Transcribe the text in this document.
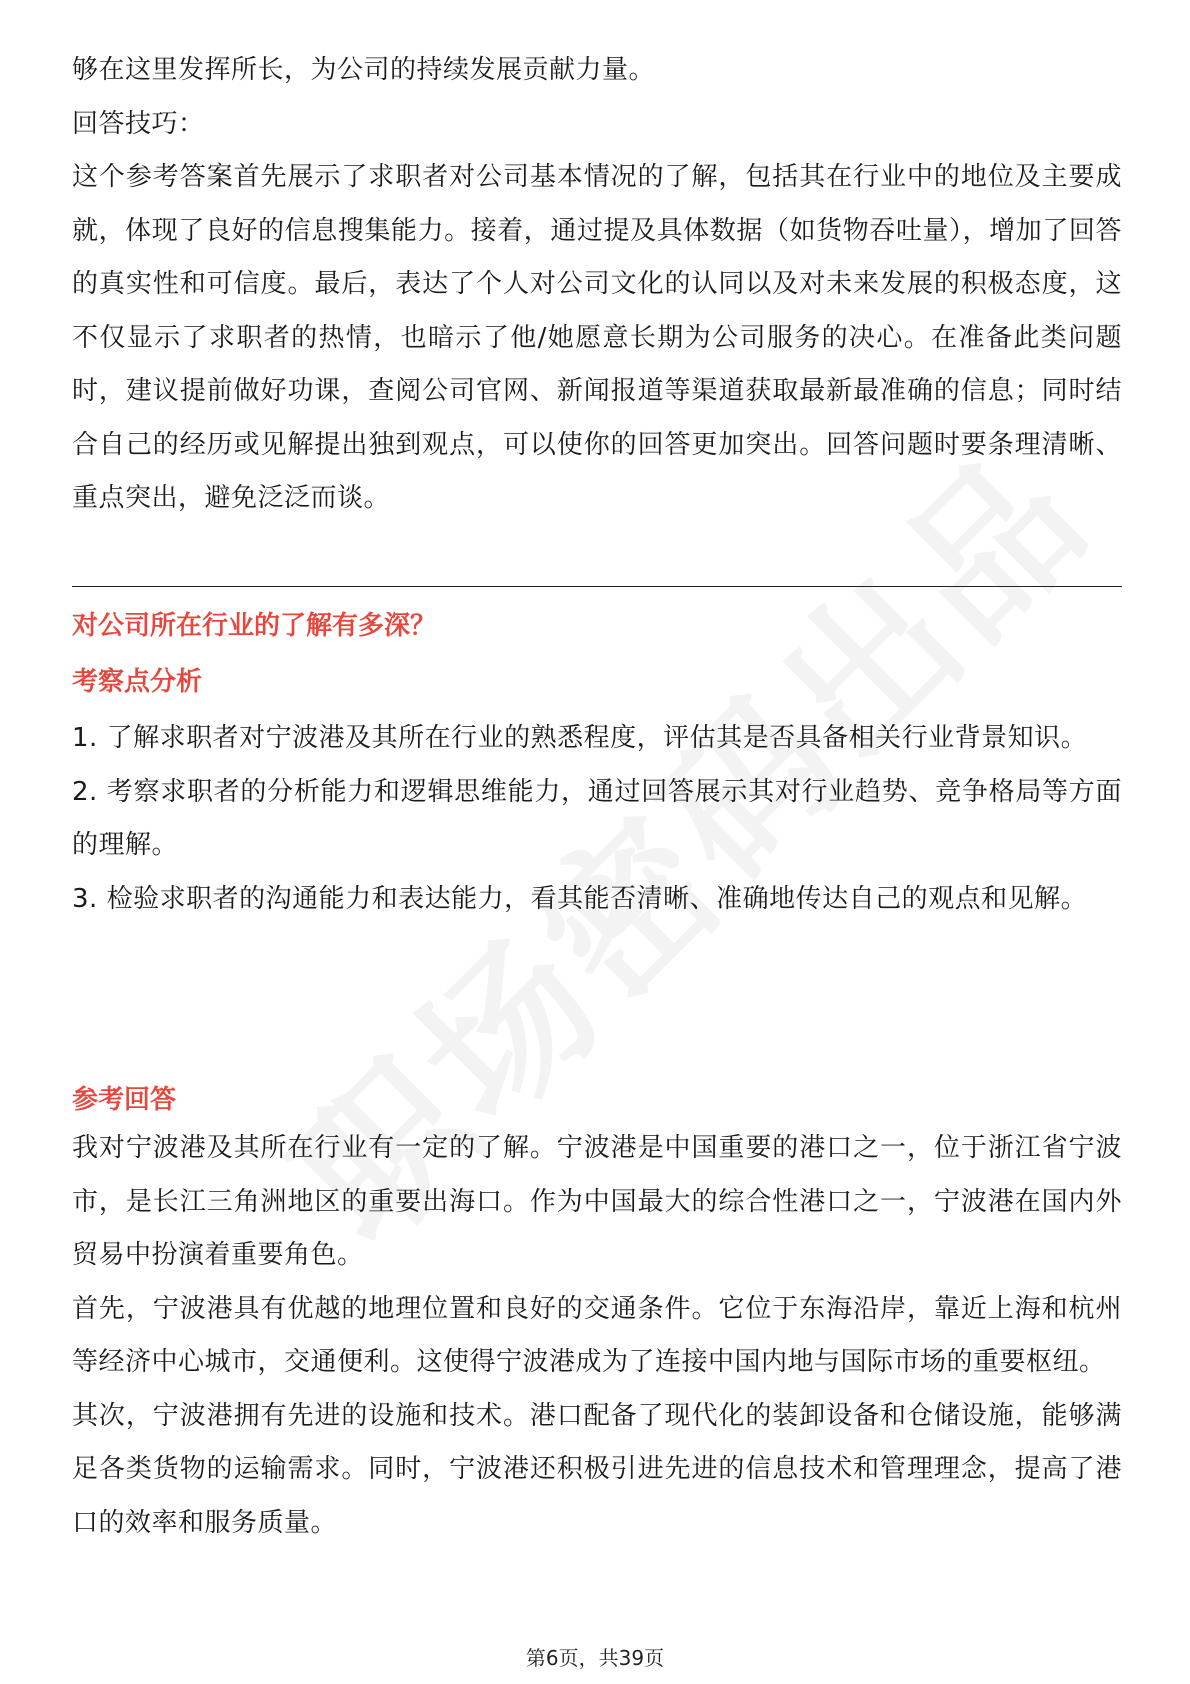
够在这里发挥所长，为公司的持续发展贡献力量。

回答技巧：

这个参考答案首先展示了求职者对公司基本情况的了解，包括其在行业中的地位及主要成就，体现了良好的信息搜集能力。接着，通过提及具体数据（如货物吞吐量），增加了回答的真实性和可信度。最后，表达了个人对公司文化的认同以及对未来发展的积极态度，这不仅显示了求职者的热情，也暗示了他/她愿意长期为公司服务的决心。在准备此类问题时，建议提前做好功课，查阅公司官网、新闻报道等渠道获取最新最准确的信息；同时结合自己的经历或见解提出独到观点，可以使你的回答更加突出。回答问题时要条理清晰、重点突出，避免泛泛而谈。

对公司所在行业的了解有多深？

考察点分析

1. 了解求职者对宁波港及其所在行业的熟悉程度，评估其是否具备相关行业背景知识。

2. 考察求职者的分析能力和逻辑思维能力，通过回答展示其对行业趋势、竞争格局等方面的理解。

3. 检验求职者的沟通能力和表达能力，看其能否清晰、准确地传达自己的观点和见解。

参考回答

我对宁波港及其所在行业有一定的了解。宁波港是中国重要的港口之一，位于浙江省宁波市，是长江三角洲地区的重要出海口。作为中国最大的综合性港口之一，宁波港在国内外贸易中扮演着重要角色。

首先，宁波港具有优越的地理位置和良好的交通条件。它位于东海沿岸，靠近上海和杭州等经济中心城市，交通便利。这使得宁波港成为了连接中国内地与国际市场的重要枢纽。

其次，宁波港拥有先进的设施和技术。港口配备了现代化的装卸设备和仓储设施，能够满足各类货物的运输需求。同时，宁波港还积极引进先进的信息技术和管理理念，提高了港口的效率和服务质量。

第6页，共39页
